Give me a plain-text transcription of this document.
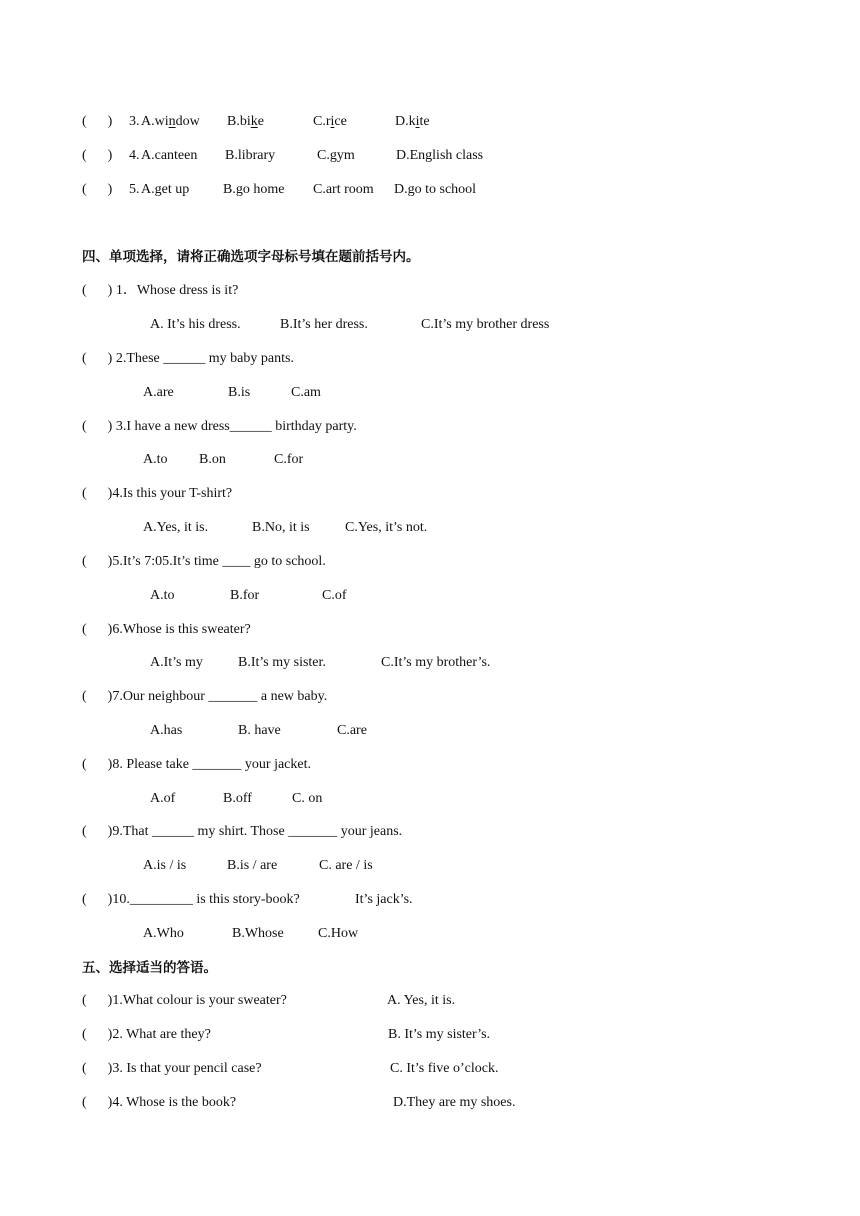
(      )

3.

A.window

B.bike

	C.rice

	D.kite

(      )

4.

A.canteen

B.library

	C.gym

	D.English class

(      )

5.

A.get up

B.go home

C.art room

D.go to school

四、单项选择，请将正确选项字母标号填在题前括号内。
(      ) 1．Whose dress is it?

A. It’s his dress.

	B.It’s her dress.

	C.It’s my brother dress

(      ) 2.These ______ my baby pants.

A.are

	B.is

	C.am

(      ) 3.I have a new dress______ birthday party.

A.to

B.on

	C.for

(      )4.Is this your T-shirt?

A.Yes, it is.

	B.No, it is

	C.Yes, it’s not.

(      )5.It’s 7:05.It’s time ____ go to school.

A.to

	B.for

	C.of

(      )6.Whose is this sweater?

A.It’s my

	B.It’s my sister.

	C.It’s my brother’s.

(      )7.Our neighbour _______ a new baby.

A.has

	B. have

	C.are

(      )8. Please take _______ your jacket.

A.of

	B.off

	C. on

(      )9.That ______ my shirt. Those _______ your jeans.

A.is / is

	B.is / are

	C. are / is

(      )10._________ is this story-book?

	It’s jack’s.

A.Who

	B.Whose

C.How

五、选择适当的答语。

(      )1.What colour is your sweater?

	A. Yes, it is.

(      )2. What are they?

	B. It’s my sister’s.

(      )3. Is that your pencil case?

	C. It’s five o’clock.

(      )4. Whose is the book?

	D.They are my shoes.
